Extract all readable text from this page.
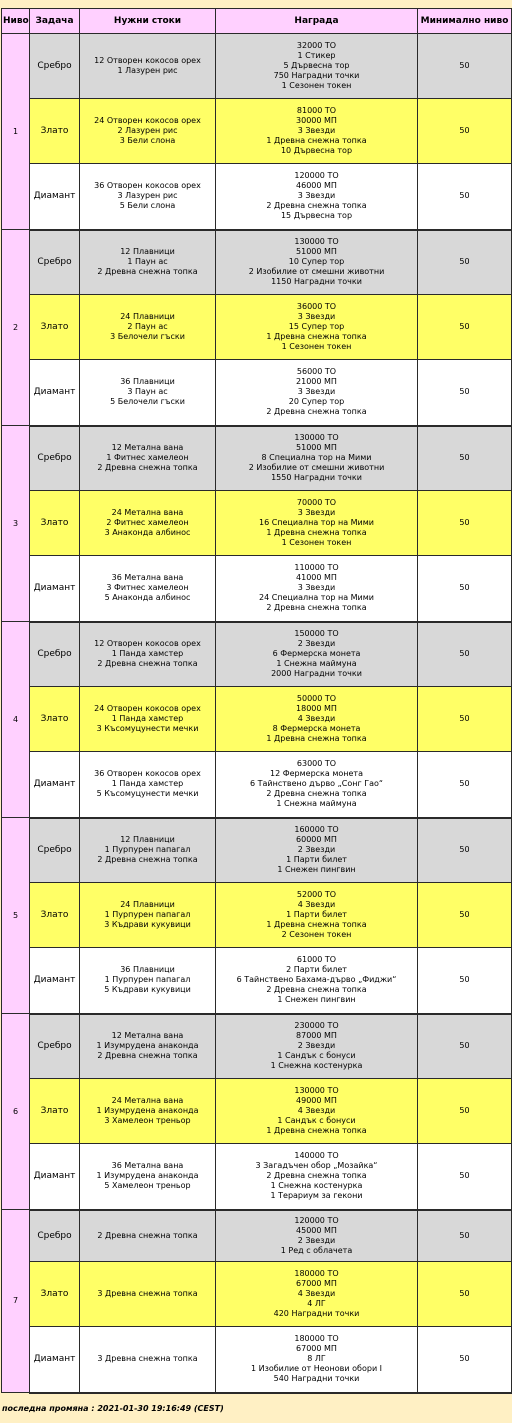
Ниво	Задача	Нужни стоки	Награда	Минимално ниво
1	Сребро	12 Отворен кокосов орех
1 Лазурен рис	32000 ТО
1 Стикер
5 Дървесна тор
750 Наградни точки
1 Сезонен токен	50
	Злато	24 Отворен кокосов орех
2 Лазурен рис
3 Бели слона	81000 ТО
30000 МП
3 Звезди
1 Древна снежна топка
10 Дървесна тор	50
	Диамант	36 Отворен кокосов орех
3 Лазурен рис
5 Бели слона	120000 ТО
46000 МП
3 Звезди
2 Древна снежна топка
15 Дървесна тор	50
2	Сребро	12 Плавници
1 Паун ас
2 Древна снежна топка	130000 ТО
51000 МП
10 Супер тор
2 Изобилие от смешни животни
1150 Наградни точки	50
	Злато	24 Плавници
2 Паун ас
3 Белочели гъски	36000 ТО
3 Звезди
15 Супер тор
1 Древна снежна топка
1 Сезонен токен	50
	Диамант	36 Плавници
3 Паун ас
5 Белочели гъски	56000 ТО
21000 МП
3 Звезди
20 Супер тор
2 Древна снежна топка	50
3	Сребро	12 Метална вана
1 Фитнес хамелеон
2 Древна снежна топка	130000 ТО
51000 МП
8 Специална тор на Мими
2 Изобилие от смешни животни
1550 Наградни точки	50
	Злато	24 Метална вана
2 Фитнес хамелеон
3 Анаконда албинос	70000 ТО
3 Звезди
16 Специална тор на Мими
1 Древна снежна топка
1 Сезонен токен	50
	Диамант	36 Метална вана
3 Фитнес хамелеон
5 Анаконда албинос	110000 ТО
41000 МП
3 Звезди
24 Специална тор на Мими
2 Древна снежна топка	50
4	Сребро	12 Отворен кокосов орех
1 Панда хамстер
2 Древна снежна топка	150000 ТО
2 Звезди
6 Фермерска монета
1 Снежна маймуна
2000 Наградни точки	50
	Злато	24 Отворен кокосов орех
1 Панда хамстер
3 Късомуцунести мечки	50000 ТО
18000 МП
4 Звезди
8 Фермерска монета
1 Древна снежна топка	50
	Диамант	36 Отворен кокосов орех
1 Панда хамстер
5 Късомуцунести мечки	63000 ТО
12 Фермерска монета
6 Тайнствено дърво „Сонг Гао“
2 Древна снежна топка
1 Снежна маймуна	50
5	Сребро	12 Плавници
1 Пурпурен папагал
2 Древна снежна топка	160000 ТО
60000 МП
2 Звезди
1 Парти билет
1 Снежен пингвин	50
	Злато	24 Плавници
1 Пурпурен папагал
3 Къдрави кукувици	52000 ТО
4 Звезди
1 Парти билет
1 Древна снежна топка
2 Сезонен токен	50
	Диамант	36 Плавници
1 Пурпурен папагал
5 Къдрави кукувици	61000 ТО
2 Парти билет
6 Тайнствено Бахама-дърво „Фиджи“
2 Древна снежна топка
1 Снежен пингвин	50
6	Сребро	12 Метална вана
1 Изумрудена анаконда
2 Древна снежна топка	230000 ТО
87000 МП
2 Звезди
1 Сандък с бонуси
1 Снежна костенурка	50
	Злато	24 Метална вана
1 Изумрудена анаконда
3 Хамелеон треньор	130000 ТО
49000 МП
4 Звезди
1 Сандък с бонуси
1 Древна снежна топка	50
	Диамант	36 Метална вана
1 Изумрудена анаконда
5 Хамелеон треньор	140000 ТО
3 Загадъчен обор „Мозайка“
2 Древна снежна топка
1 Снежна костенурка
1 Тераpиум за гекони	50
7	Сребро	2 Древна снежна топка	120000 ТО
45000 МП
2 Звезди
1 Ред с облачета	50
	Злато	3 Древна снежна топка	180000 ТО
67000 МП
4 Звезди
4 ЛГ
420 Наградни точки	50
	Диамант	3 Древна снежна топка	180000 ТО
67000 МП
8 ЛГ
1 Изобилие от Неонови обори I
540 Наградни точки	50
последна промяна : 2021-01-30 19:16:49 (CEST)
